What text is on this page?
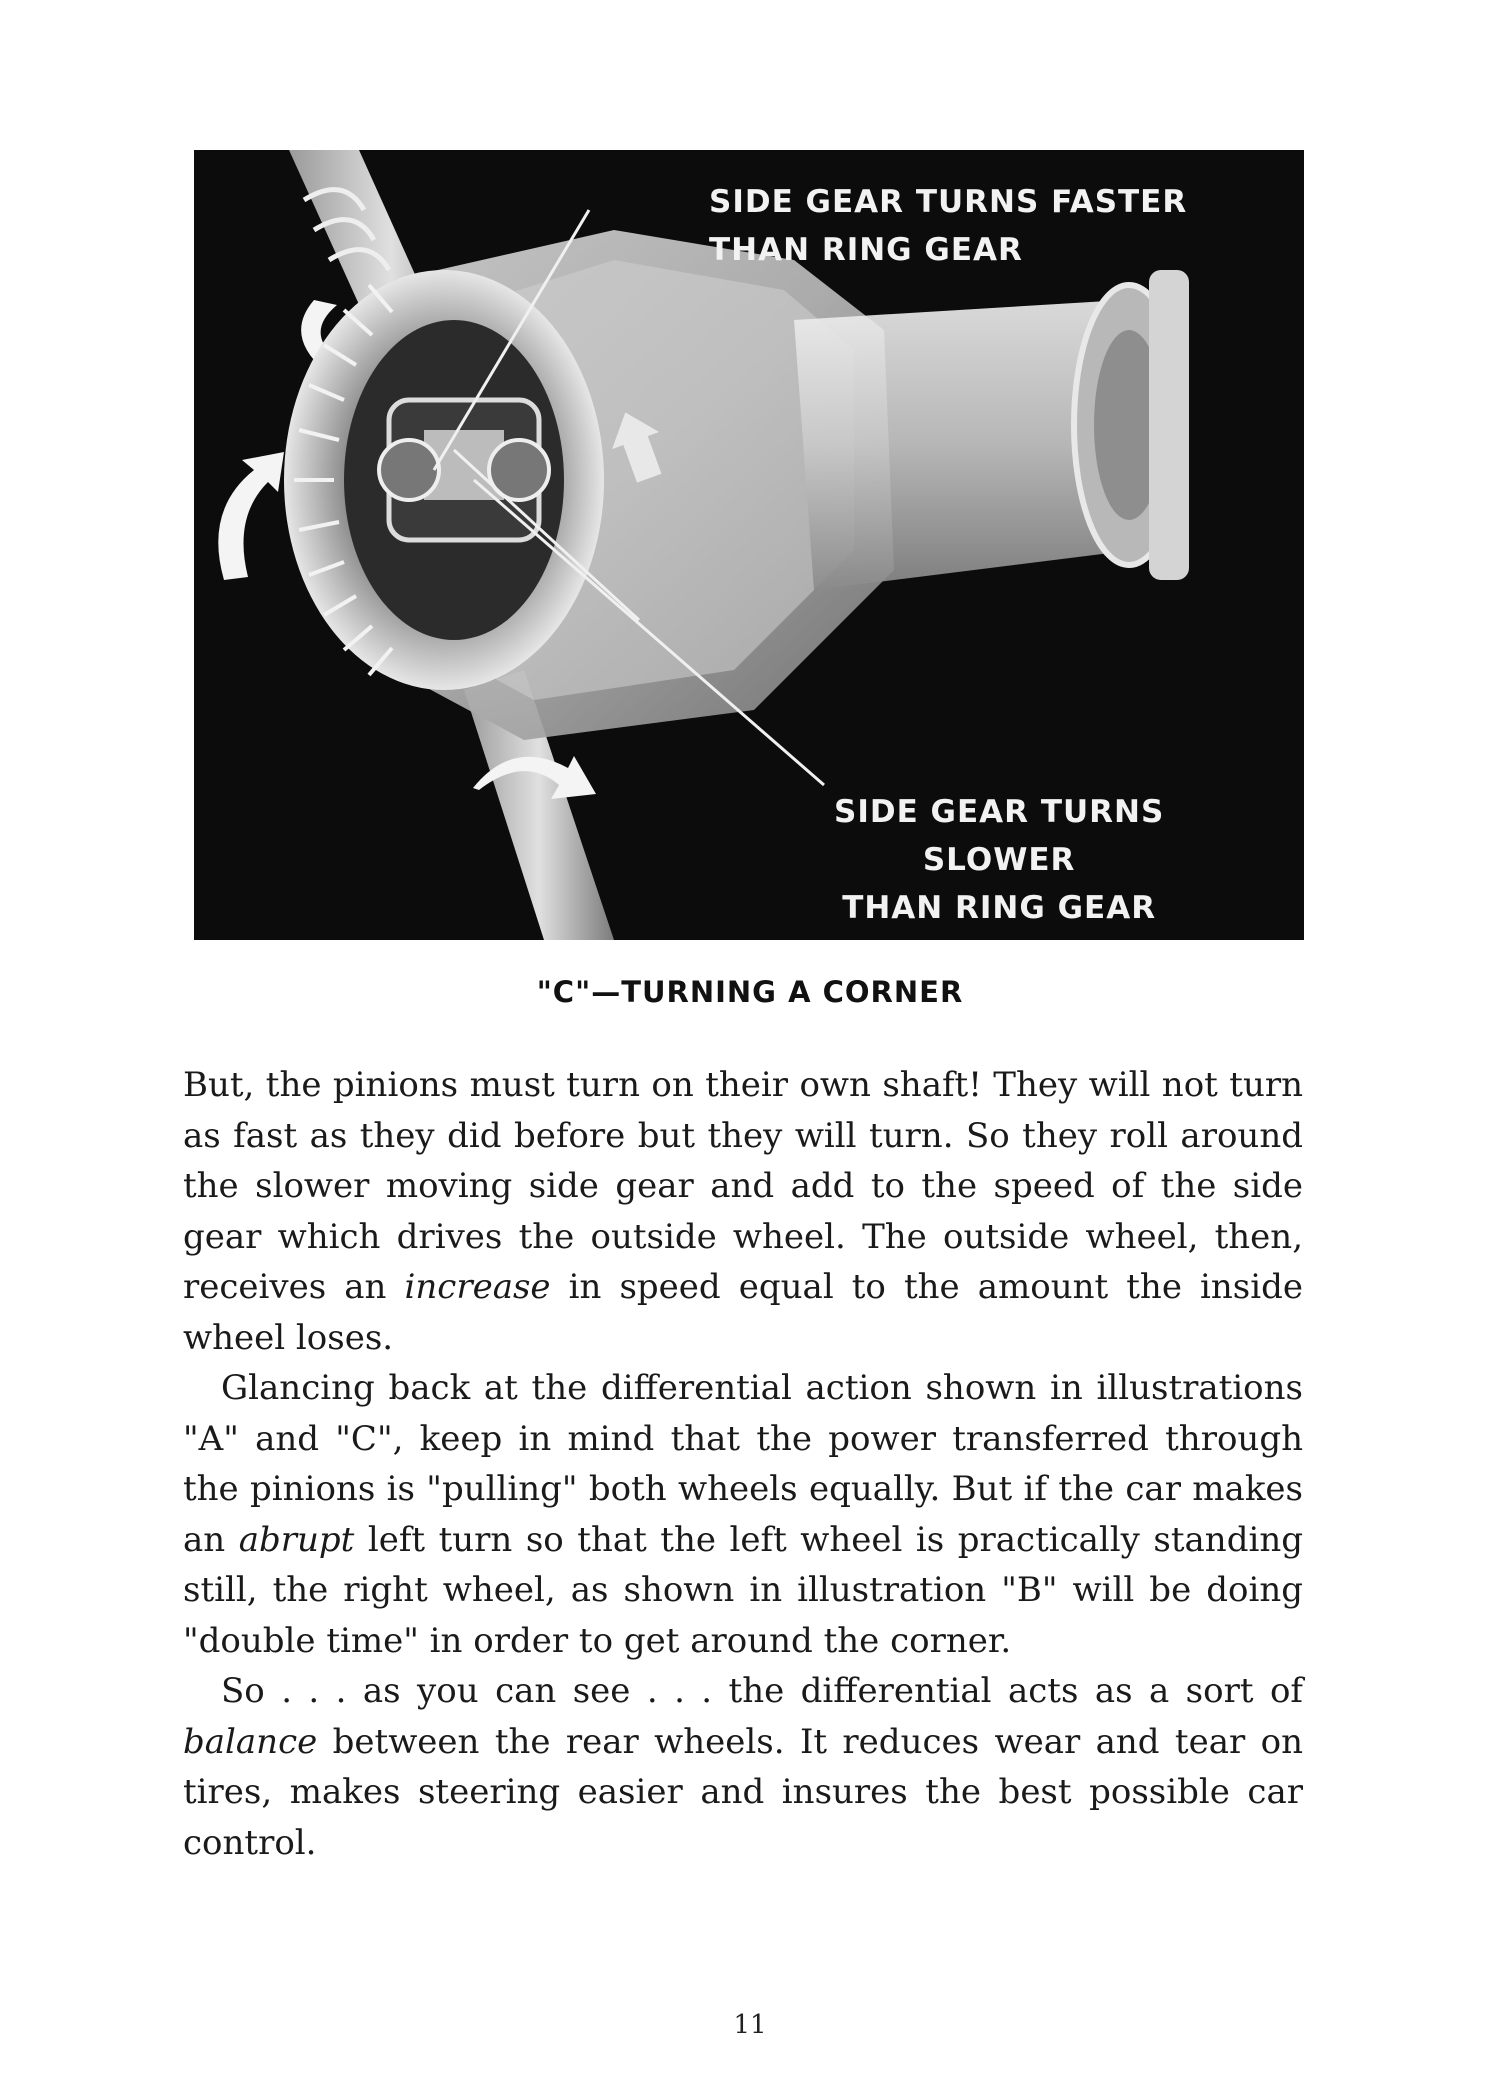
SIDE GEAR TURNS FASTER
THAN RING GEAR
SIDE GEAR TURNS
SLOWER
THAN RING GEAR
"C"—TURNING A CORNER

But, the pinions must turn on their own shaft! They will not turn as fast as they did before but they will turn. So they roll around the slower moving side gear and add to the speed of the side gear which drives the outside wheel. The outside wheel, then, receives an increase in speed equal to the amount the inside wheel loses.

Glancing back at the differential action shown in illustrations "A" and "C", keep in mind that the power transferred through the pinions is "pulling" both wheels equally. But if the car makes an abrupt left turn so that the left wheel is practically standing still, the right wheel, as shown in illustration "B" will be doing "double time" in order to get around the corner.

So . . . as you can see . . . the differential acts as a sort of balance between the rear wheels. It reduces wear and tear on tires, makes steering easier and insures the best possible car control.

11
